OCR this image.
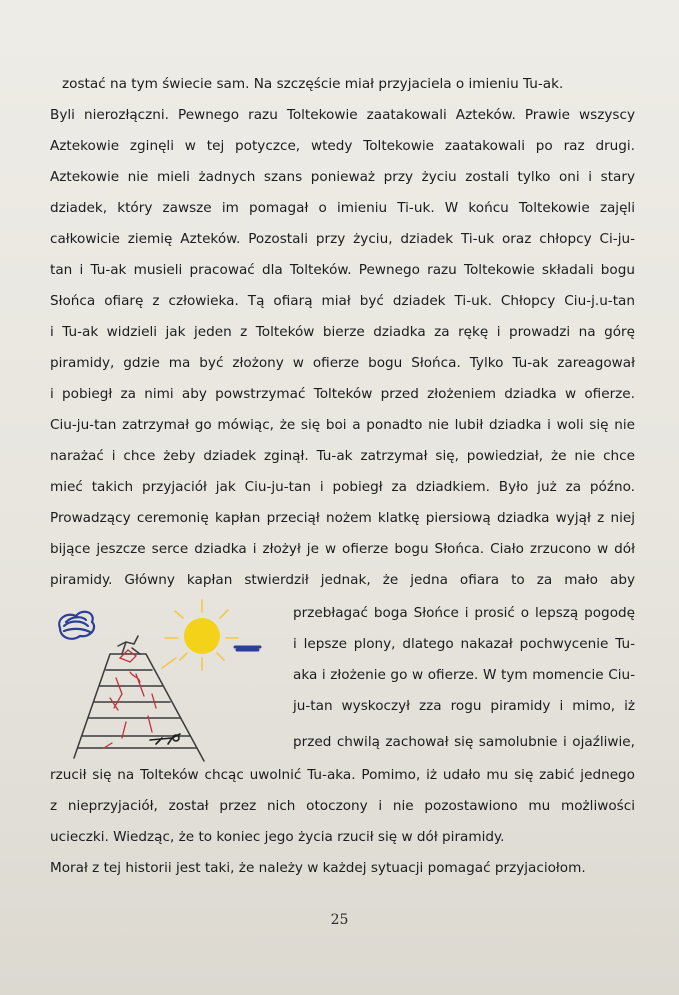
zostać na tym świecie sam. Na szczęście miał przyjaciela o imieniu Tu-ak.
Byli nierozłączni. Pewnego razu Toltekowie zaatakowali Azteków. Prawie wszyscy
Aztekowie zginęli w tej potyczce, wtedy Toltekowie zaatakowali po raz drugi.
Aztekowie nie mieli żadnych szans ponieważ przy życiu zostali tylko oni i stary
dziadek, który zawsze im pomagał o imieniu Ti-uk. W końcu Toltekowie zajęli
całkowicie ziemię Azteków. Pozostali przy życiu, dziadek Ti-uk oraz chłopcy Ci-ju-
tan i Tu-ak musieli pracować dla Tolteków. Pewnego razu Toltekowie składali bogu
Słońca ofiarę z człowieka. Tą ofiarą miał być dziadek Ti-uk. Chłopcy Ciu-j.u-tan
i Tu-ak widzieli jak jeden z Tolteków bierze dziadka za rękę i prowadzi na górę
piramidy, gdzie ma być złożony w ofierze bogu Słońca. Tylko Tu-ak zareagował
i pobiegł za nimi aby powstrzymać Tolteków przed złożeniem dziadka w ofierze.
Ciu-ju-tan zatrzymał go mówiąc, że się boi a ponadto nie lubił dziadka i woli się nie
narażać i chce żeby dziadek zginął. Tu-ak zatrzymał się, powiedział, że nie chce
mieć takich przyjaciół jak Ciu-ju-tan i pobiegł za dziadkiem. Było już za późno.
Prowadzący ceremonię kapłan przeciął nożem klatkę piersiową dziadka wyjął z niej
bijące jeszcze serce dziadka i złożył je w ofierze bogu Słońca. Ciało zrzucono w dół
piramidy. Główny kapłan stwierdził jednak, że jedna ofiara to za mało aby
przebłagać boga Słońce i prosić o lepszą pogodę
i lepsze plony, dlatego nakazał pochwycenie Tu-
aka i złożenie go w ofierze. W tym momencie Ciu-
ju-tan wyskoczył zza rogu piramidy i mimo, iż
przed chwilą zachował się samolubnie i ojaźliwie,
rzucił się na Tolteków chcąc uwolnić Tu-aka. Pomimo, iż udało mu się zabić jednego
z nieprzyjaciół, został przez nich otoczony i nie pozostawiono mu możliwości
ucieczki. Wiedząc, że to koniec jego życia rzucił się w dół piramidy.
Morał z tej historii jest taki, że należy w każdej sytuacji pomagać przyjaciołom.
25
